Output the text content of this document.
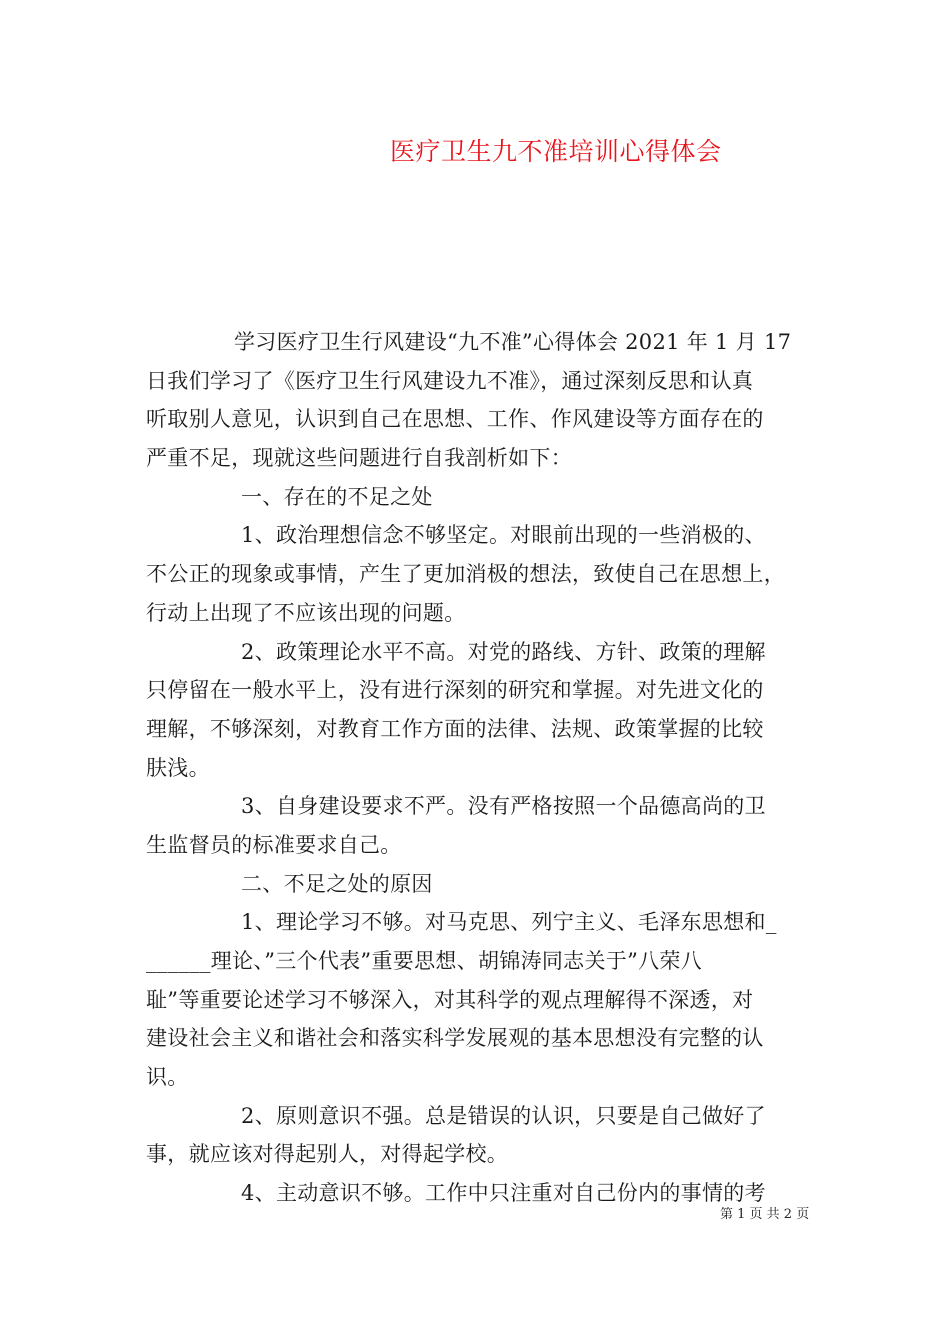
医疗卫生九不准培训心得体会
学习医疗卫生行风建设“九不准”心得体会 2021 年 1 月 17
日我们学习了《医疗卫生行风建设九不准》，通过深刻反思和认真
听取别人意见，认识到自己在思想、工作、作风建设等方面存在的
严重不足，现就这些问题进行自我剖析如下：
一、存在的不足之处
1、政治理想信念不够坚定。对眼前出现的一些消极的、
不公正的现象或事情，产生了更加消极的想法，致使自己在思想上，
行动上出现了不应该出现的问题。
2、政策理论水平不高。对党的路线、方针、政策的理解
只停留在一般水平上，没有进行深刻的研究和掌握。对先进文化的
理解，不够深刻，对教育工作方面的法律、法规、政策掌握的比较
肤浅。
3、自身建设要求不严。没有严格按照一个品德高尚的卫
生监督员的标准要求自己。
二、不足之处的原因
1、理论学习不够。对马克思、列宁主义、毛泽东思想和_
______理论、”三个代表”重要思想、胡锦涛同志关于”八荣八
耻”等重要论述学习不够深入，对其科学的观点理解得不深透，对
建设社会主义和谐社会和落实科学发展观的基本思想没有完整的认
识。
2、原则意识不强。总是错误的认识，只要是自己做好了
事，就应该对得起别人，对得起学校。
4、主动意识不够。工作中只注重对自己份内的事情的考
第 1 页 共 2 页
